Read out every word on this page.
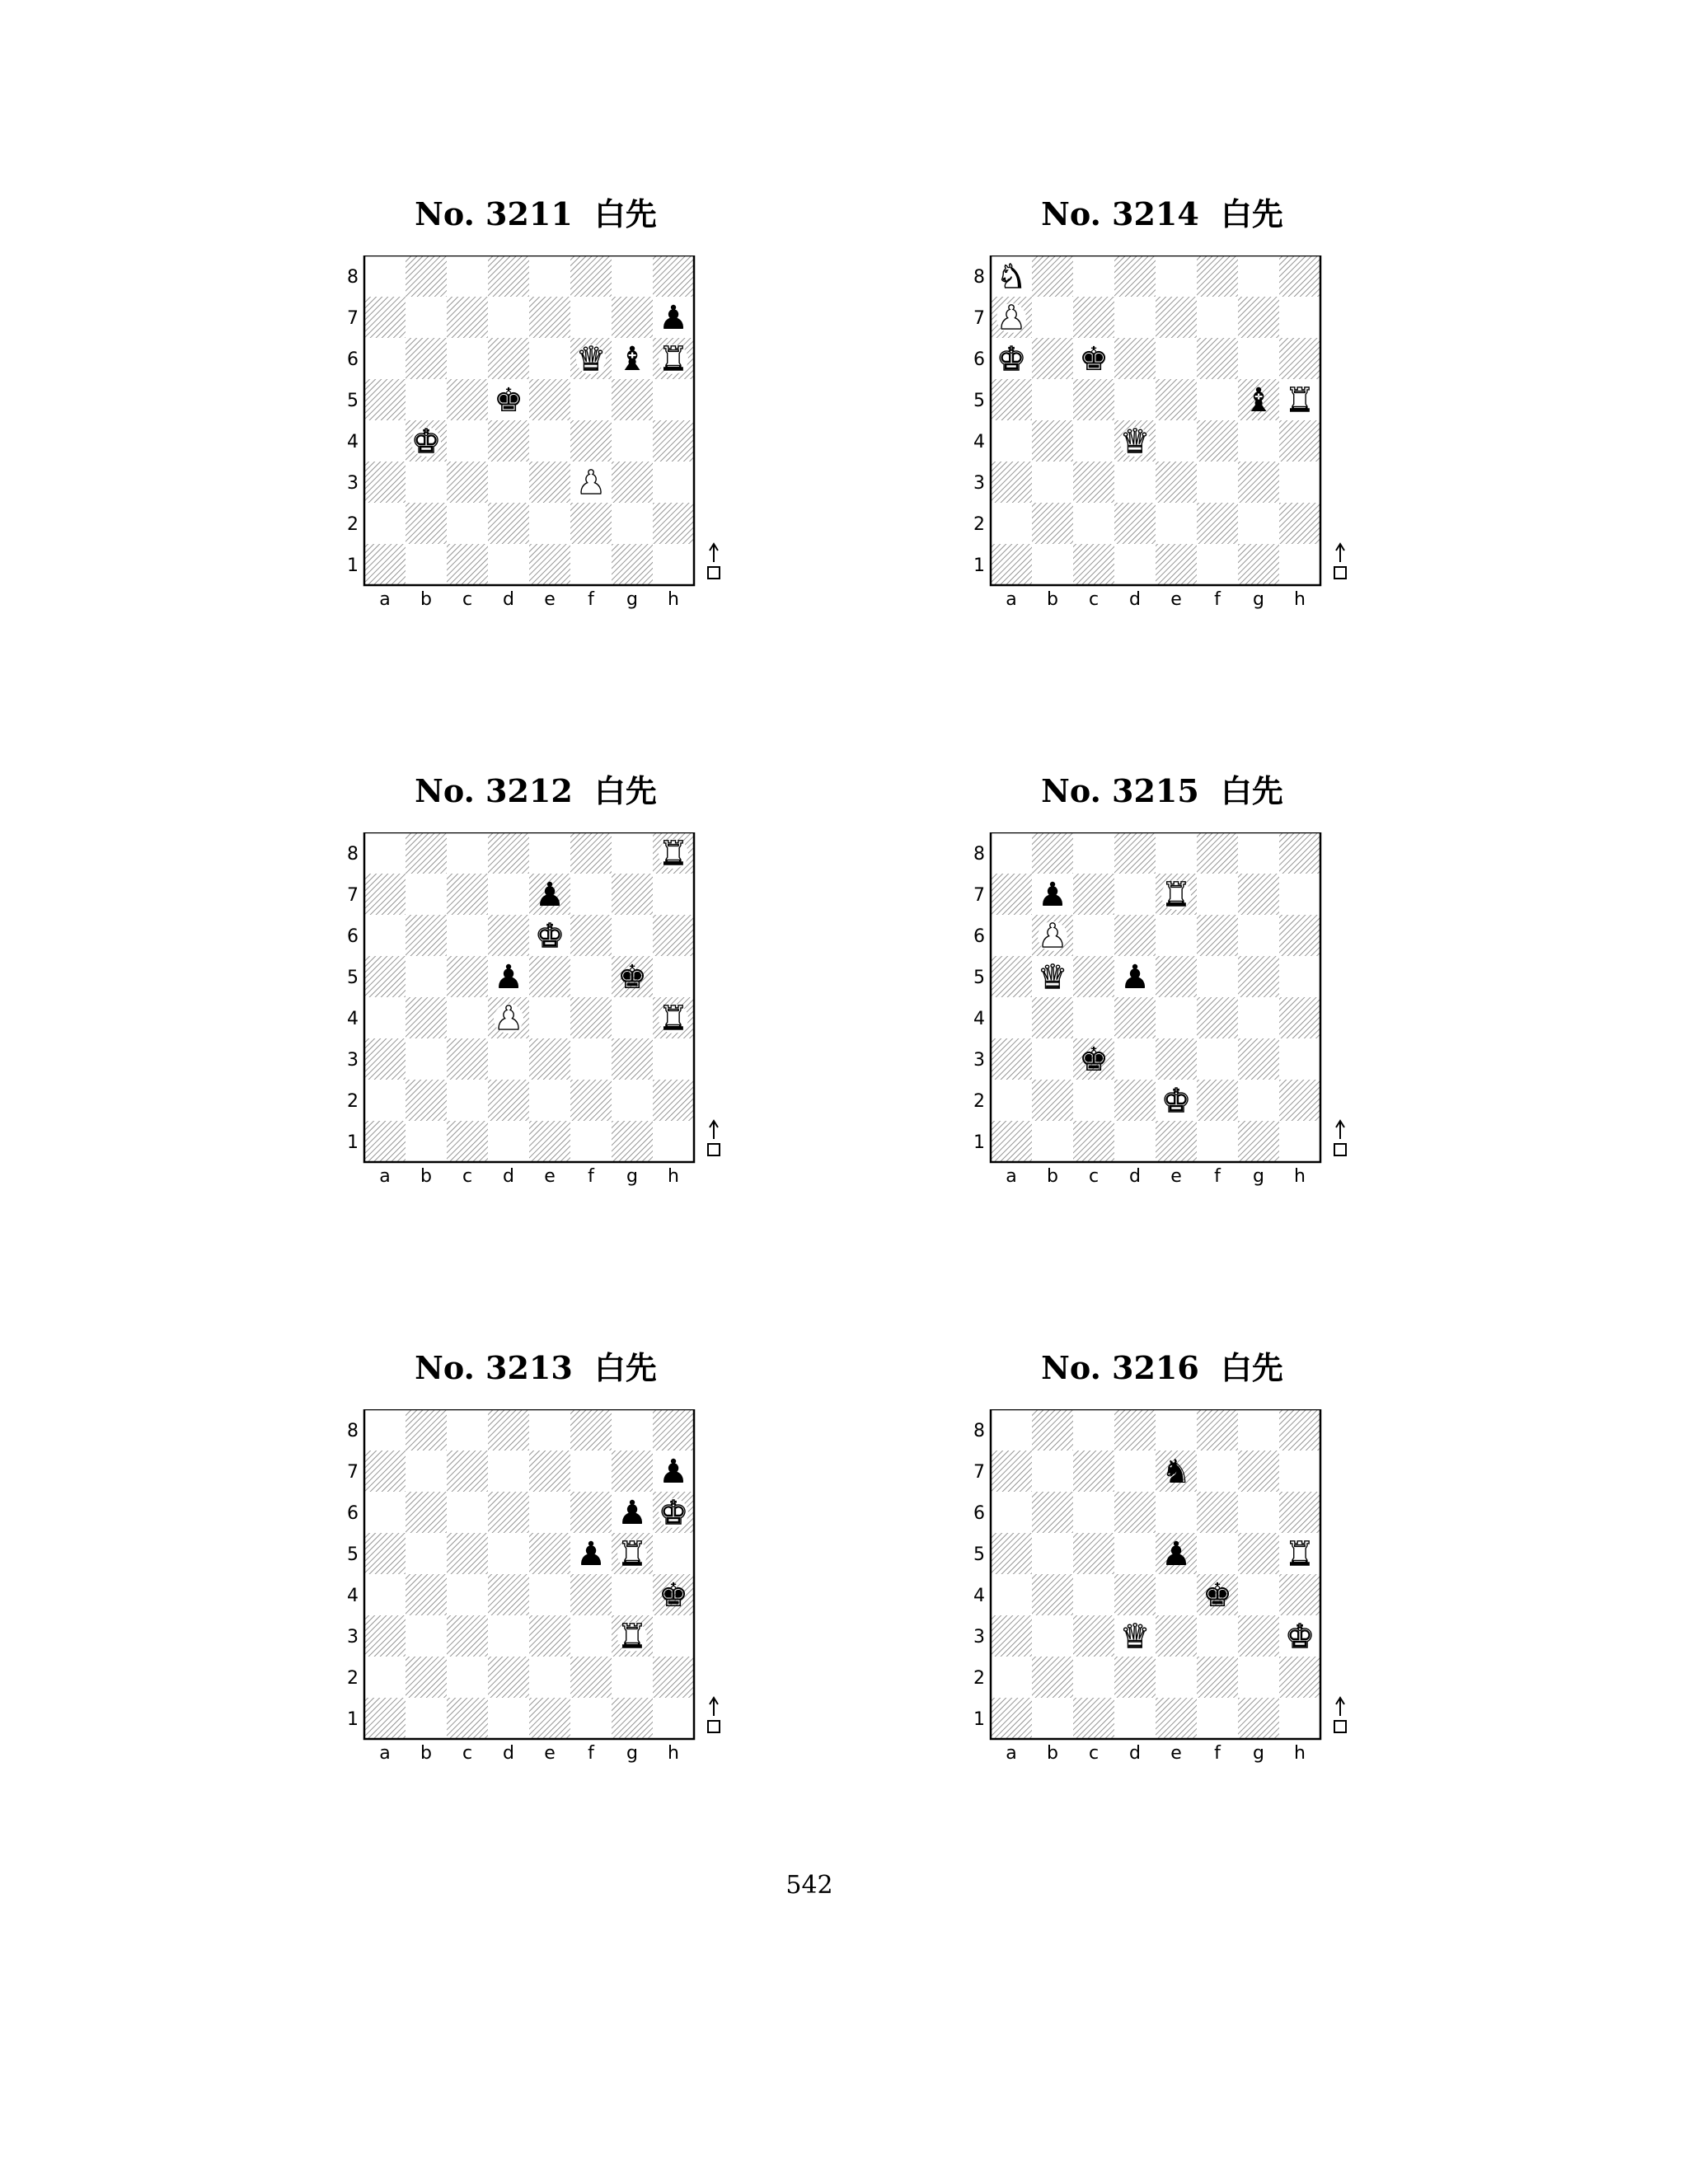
No. 3211 白先
8
7
6
5
4
3
2
1
a b c d e f g h
♟
♛ ♝ ♜
♚
♚
♟
No. 3214 白先
8
7
6
5
4
3
2
1
a b c d e f g h
♞
♟
♚ ♚
♝ ♜
♛
No. 3212 白先
8
7
6
5
4
3
2
1
a b c d e f g h
♜
♟
♚
♟	♚
♟	♜
No. 3215 白先
8
7
6
5
4
3
2
1
a b c d e f g h
♟	♜
♟
♛ ♟
♚
♚
No. 3213 白先
8
7
6
5
4
3
2
1
a b c d e f g h
♟
♟ ♚
♟ ♜
♚
♜
No. 3216 白先
8
7
6
5
4
3
2
1
a b c d e f g h
♞
♟	♜
♚
♛	♚
542
